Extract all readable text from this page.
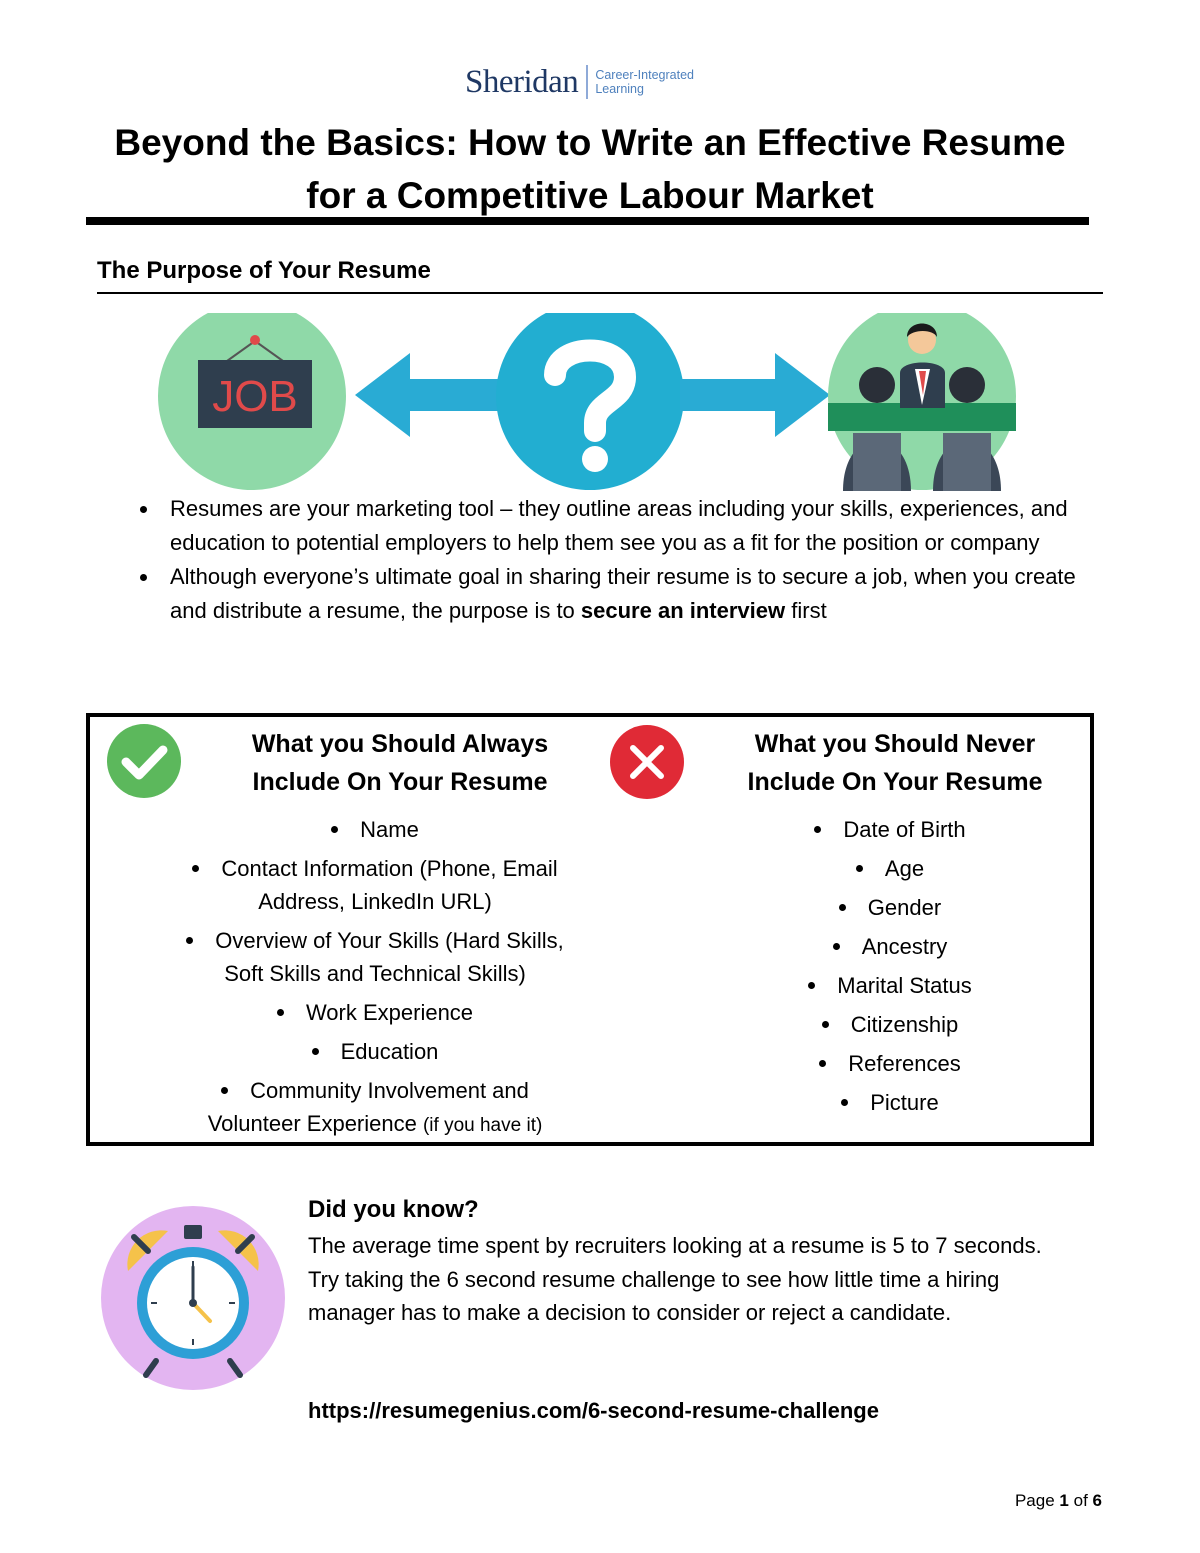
Sheridan Career-Integrated
Learning
Beyond the Basics: How to Write an Effective Resume
for a Competitive Labour Market
The Purpose of Your Resume
JOB
Resumes are your marketing tool – they outline areas including your skills, experiences, and education to potential employers to help them see you as a fit for the position or company
Although everyone’s ultimate goal in sharing their resume is to secure a job, when you create and distribute a resume, the purpose is to secure an interview first
What you Should Always
Include On Your Resume
Name
Contact Information (Phone, Email
Address, LinkedIn URL)
Overview of Your Skills (Hard Skills,
Soft Skills and Technical Skills)
Work Experience
Education
Community Involvement and
Volunteer Experience (if you have it)
What you Should Never
Include On Your Resume
Date of Birth
Age
Gender
Ancestry
Marital Status
Citizenship
References
Picture
Did you know?

The average time spent by recruiters looking at a resume is 5 to 7 seconds.

Try taking the 6 second resume challenge to see how little time a hiring manager has to make a decision to consider or reject a candidate.

https://resumegenius.com/6-second-resume-challenge
Page 1 of 6
